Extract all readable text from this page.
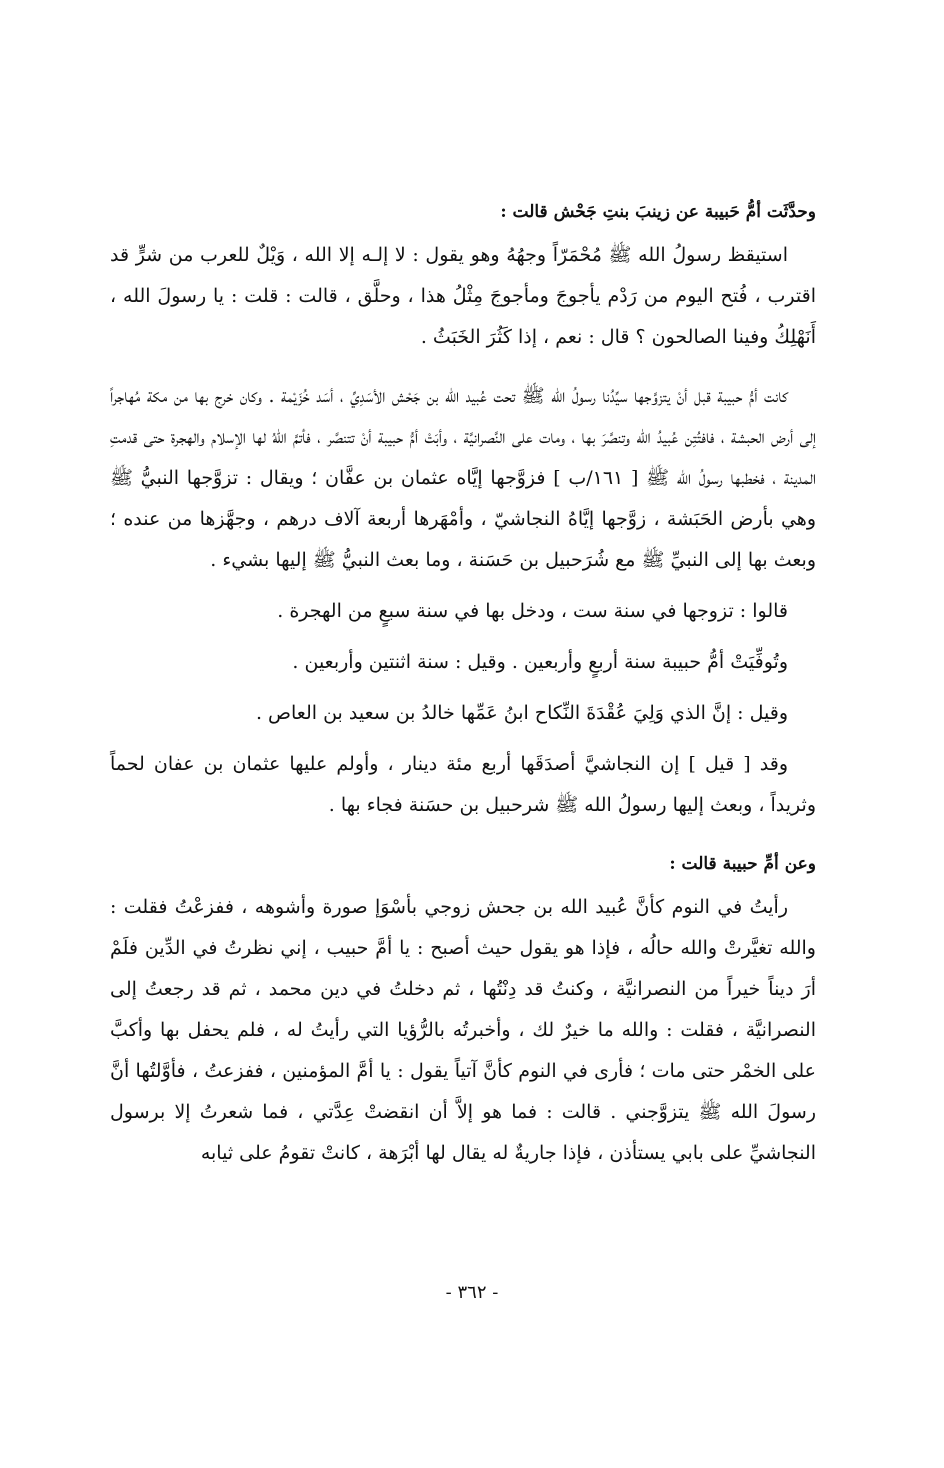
وحدَّثَت أمُّ حَبيبة عن زينبَ بنتِ جَحْش قالت :

استيقظ رسولُ الله ﷺ مُحْمَرّاً وجهُهُ وهو يقول : لا إلـه إلا الله ، وَيْلٌ للعرب من شرٍّ قد اقترب ، فُتح اليوم من رَدْم يأجوجَ ومأجوجَ مِثْلُ هذا ، وحلَّق ، قالت : قلت : يا رسولَ الله ، أَنَهْلِكُ وفينا الصالحون ؟ قال : نعم ، إذا كَثُرَ الخَبَثُ .

كانت أمُّ حبيبة قبل أنْ يتزوَّجها سيِّدُنا رسولُ الله ﷺ تحت عُبيد الله بن جَحْش الأسَدِيِّ ، أسَد خُزَيْمة . وكان خرج بها من مكة مُهاجراً إلى أرض الحبشة ، فافتُتِن عُبيدُ الله وتنصَّرَ بها ، ومات على النَّصرانيَّة ، وأبَتْ أمُّ حبيبة أنْ تتنصَّر ، فأتمَّ اللهُ لها الإسلام والهجرة حتى قدمتِ المدينة ، فخطبها رسولُ الله ﷺ [ ١٦١/ب ] فزوَّجها إيَّاه عثمان بن عفَّان ؛ ويقال : تزوَّجها النبيُّ ﷺ وهي بأرض الحَبَشة ، زوَّجها إيَّاهُ النجاشيّ ، وأمْهَرها أربعة آلاف درهم ، وجهَّزها من عنده ؛ وبعث بها إلى النبيِّ ﷺ مع شُرَحبيل بن حَسَنة ، وما بعث النبيُّ ﷺ إليها بشيء .

قالوا : تزوجها في سنة ست ، ودخل بها في سنة سبعٍ من الهجرة .

وتُوفِّيَتْ أمُّ حبيبة سنة أربعٍ وأربعين . وقيل : سنة اثنتين وأربعين .

وقيل : إنَّ الذي وَلِيَ عُقْدَةَ النِّكاح ابنُ عَمِّها خالدُ بن سعيد بن العاص .

وقد [ قيل ] إن النجاشيَّ أصدَقَها أربع مئة دينار ، وأولم عليها عثمان بن عفان لحماً وثريداً ، وبعث إليها رسولُ الله ﷺ شرحبيل بن حسَنة فجاء بها .

وعن أمِّ حبيبة قالت :

رأيتُ في النوم كأنَّ عُبيد الله بن جحش زوجي بأسْوَإ صورة وأشوهه ، ففزعْتُ فقلت : والله تغيَّرتْ والله حالُه ، فإذا هو يقول حيث أصبح : يا أمَّ حبيب ، إني نظرتُ في الدِّين فلَمْ أرَ ديناً خيراً من النصرانيَّة ، وكنتُ قد دِنْتُها ، ثم دخلتُ في دين محمد ، ثم قد رجعتُ إلى النصرانيَّة ، فقلت : والله ما خيرٌ لك ، وأخبرتُه بالرُّؤيا التي رأيتُ له ، فلم يحفل بها وأكبَّ على الخمْر حتى مات ؛ فأرى في النوم كأنَّ آتياً يقول : يا أمَّ المؤمنين ، ففزعتُ ، فأوَّلتُها أنَّ رسولَ الله ﷺ يتزوَّجني . قالت : فما هو إلاَّ أن انقضتْ عِدَّتي ، فما شعرتُ إلا برسول النجاشيِّ على بابي يستأذن ، فإذا جاريةٌ له يقال لها أبْرَهة ، كانتْ تقومُ على ثيابه

- ٣٦٢ -
